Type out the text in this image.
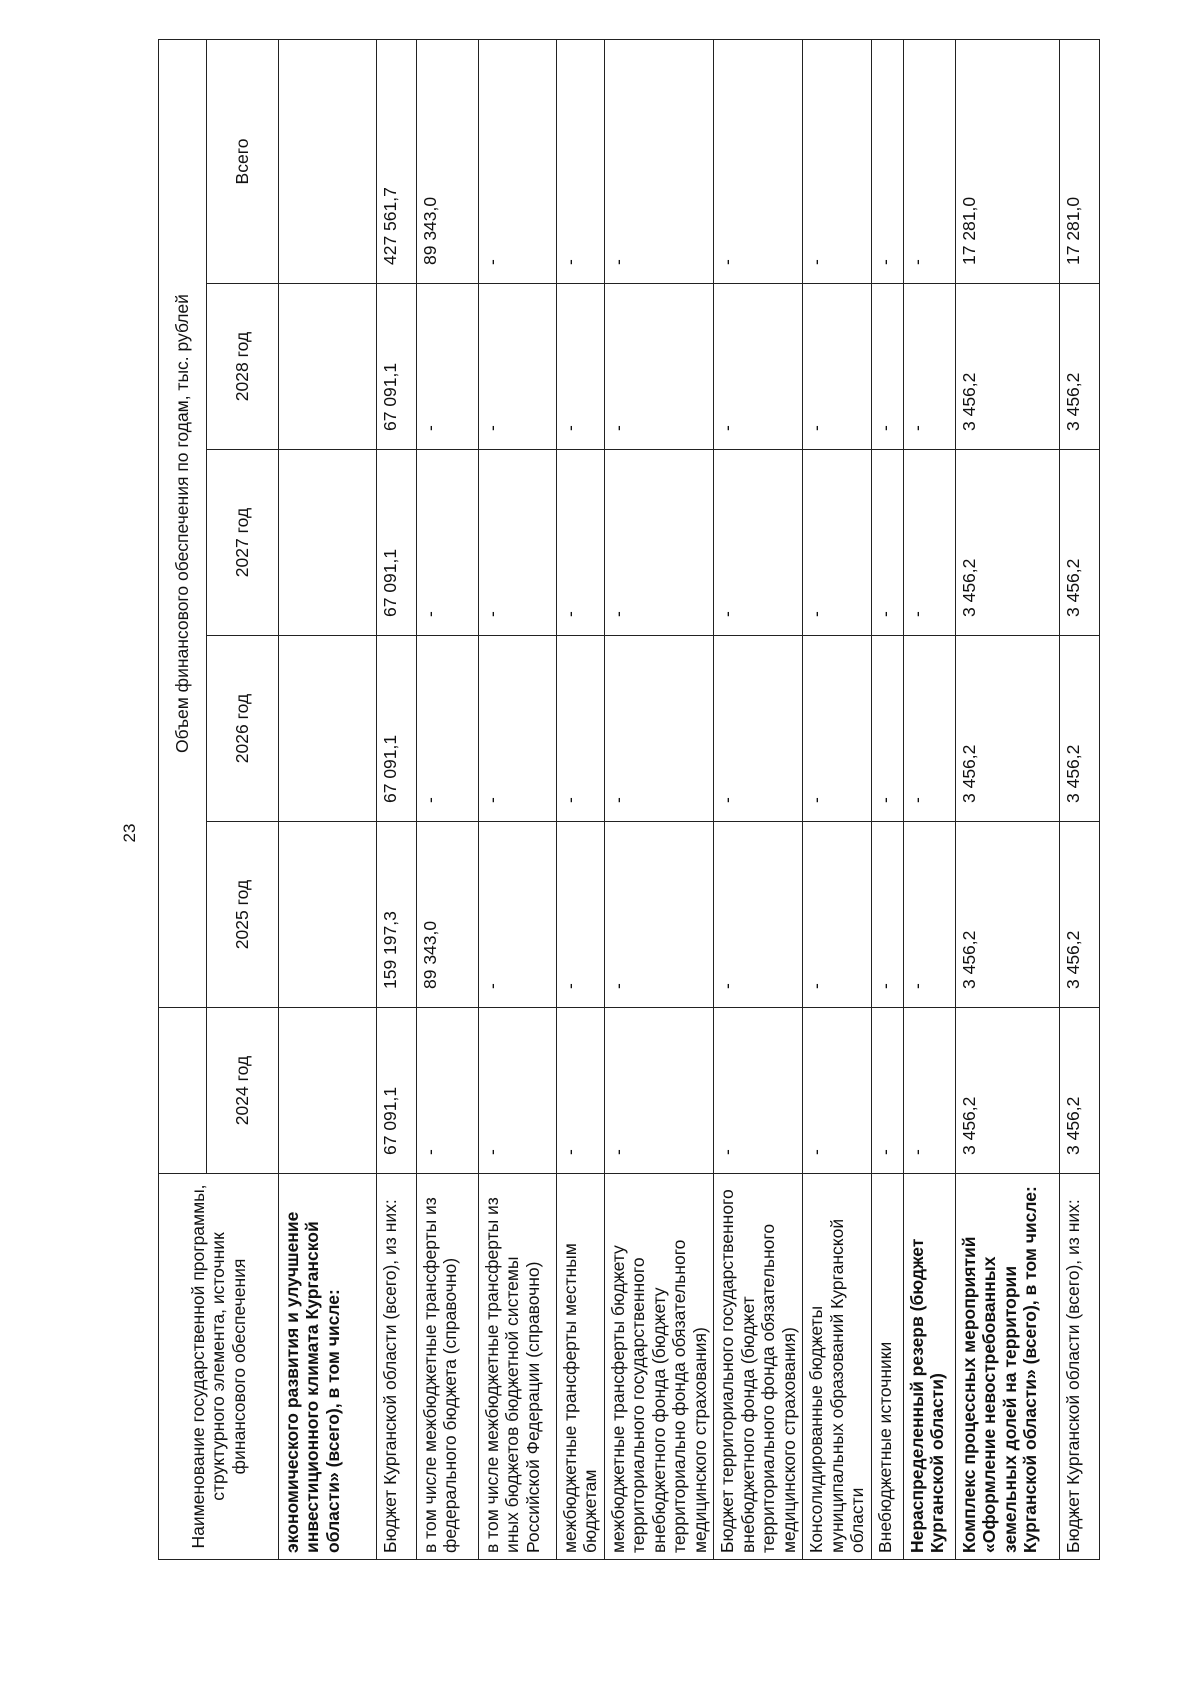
23
Наименование государственной программы, структурного элемента, источник финансового обеспечения		Объем финансового обеспечения по годам, тыс. рублей				
	2024 год	2025 год	2026 год	2027 год	2028 год	Всего
экономического развития и улучшение инвестиционного климата Курганской области» (всего), в том числе:						
Бюджет Курганской области (всего), из них:	67 091,1	159 197,3	67 091,1	67 091,1	67 091,1	427 561,7
в том числе межбюджетные трансферты из федерального бюджета (справочно)	-	89 343,0	-	-	-	89 343,0
в том числе межбюджетные трансферты из иных бюджетов бюджетной системы Российской Федерации (справочно)	-	-	-	-	-	-
межбюджетные трансферты местным бюджетам	-	-	-	-	-	-
межбюджетные трансферты бюджету территориального государственного внебюджетного фонда (бюджету территориально фонда обязательного медицинского страхования)	-	-	-	-	-	-
Бюджет территориального государственного внебюджетного фонда (бюджет территориального фонда обязательного медицинского страхования)	-	-	-	-	-	-
Консолидированные бюджеты муниципальных образований Курганской области	-	-	-	-	-	-
Внебюджетные источники	-	-	-	-	-	-
Нераспределенный резерв (бюджет Курганской области)	-	-	-	-	-	-
Комплекс процессных мероприятий «Оформление невостребованных земельных долей на территории Курганской области» (всего), в том числе:	3 456,2	3 456,2	3 456,2	3 456,2	3 456,2	17 281,0
Бюджет Курганской области (всего), из них:	3 456,2	3 456,2	3 456,2	3 456,2	3 456,2	17 281,0
